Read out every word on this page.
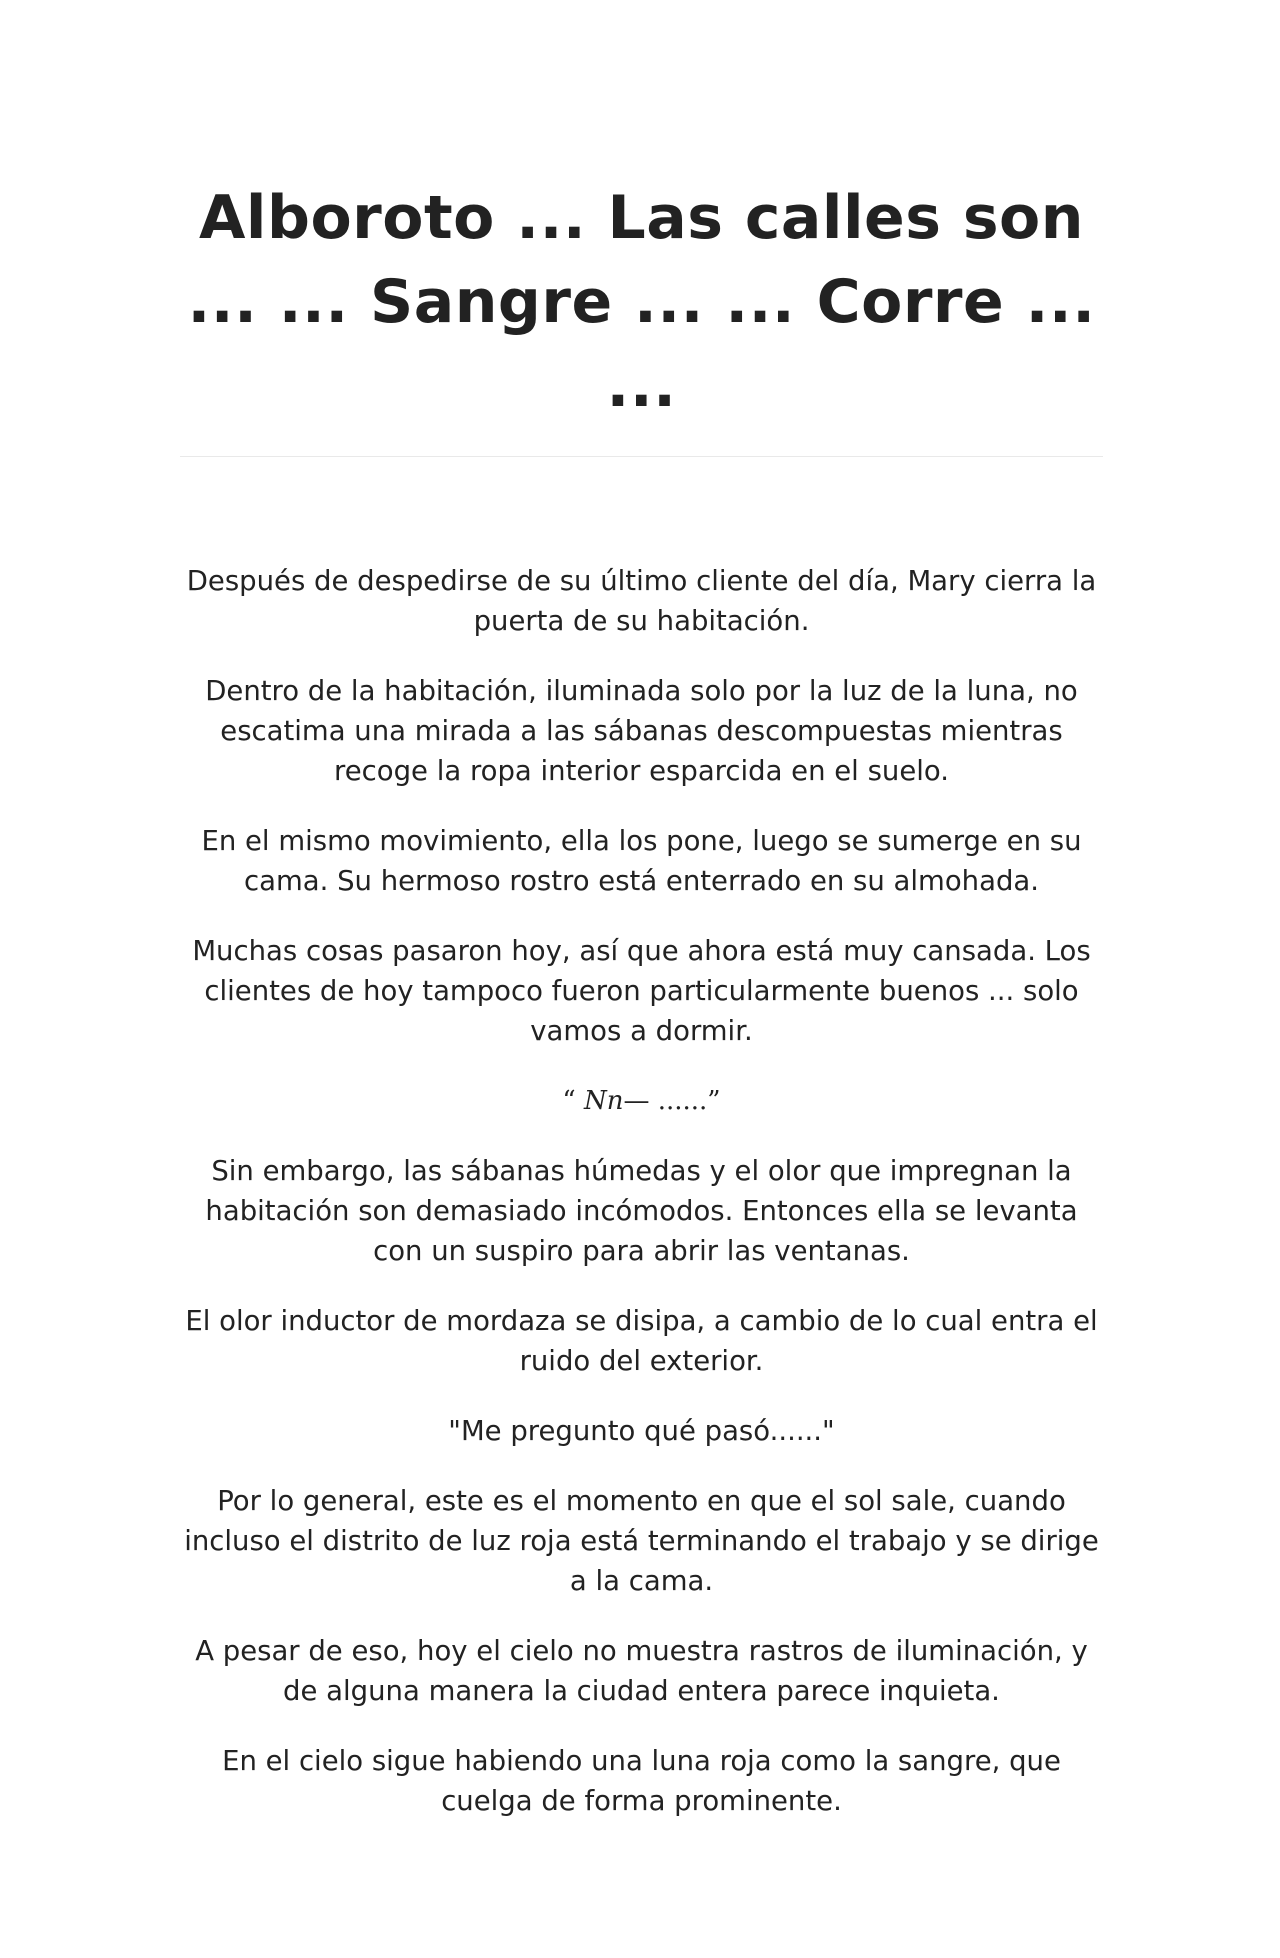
Alboroto ... Las calles son ... ... Sangre ... ... Corre ... ...

Después de despedirse de su último cliente del día, Mary cierra la puerta de su habitación.

Dentro de la habitación, iluminada solo por la luz de la luna, no escatima una mirada a las sábanas descompuestas mientras recoge la ropa interior esparcida en el suelo.

En el mismo movimiento, ella los pone, luego se sumerge en su cama. Su hermoso rostro está enterrado en su almohada.

Muchas cosas pasaron hoy, así que ahora está muy cansada. Los clientes de hoy tampoco fueron particularmente buenos ... solo vamos a dormir.

“ Nn— ......”

Sin embargo, las sábanas húmedas y el olor que impregnan la habitación son demasiado incómodos. Entonces ella se levanta con un suspiro para abrir las ventanas.

El olor inductor de mordaza se disipa, a cambio de lo cual entra el ruido del exterior.

"Me pregunto qué pasó......"

Por lo general, este es el momento en que el sol sale, cuando incluso el distrito de luz roja está terminando el trabajo y se dirige a la cama.

A pesar de eso, hoy el cielo no muestra rastros de iluminación, y de alguna manera la ciudad entera parece inquieta.

En el cielo sigue habiendo una luna roja como la sangre, que cuelga de forma prominente.
